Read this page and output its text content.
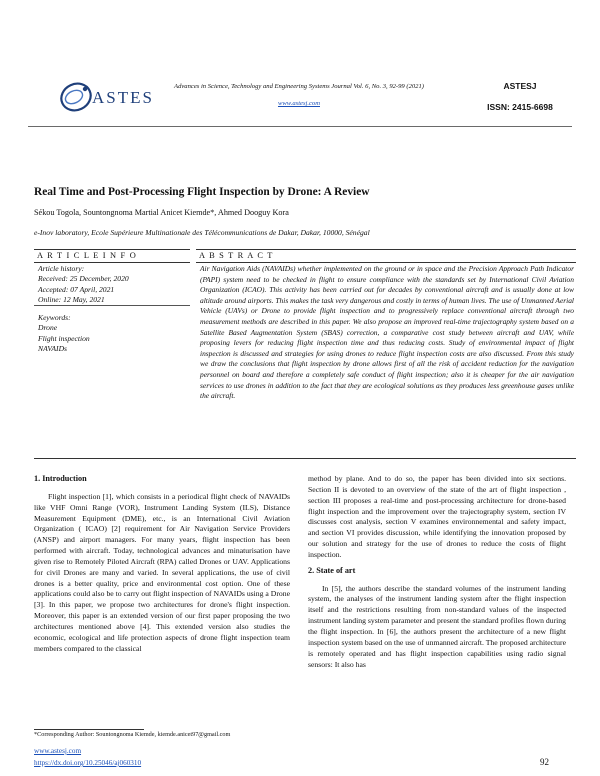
ASTES
Advances in Science, Technology and Engineering Systems Journal Vol. 6, No. 3, 92-99 (2021)
www.astesj.com
ASTESJ
ISSN: 2415-6698
Real Time and Post-Processing Flight Inspection by Drone: A Review
Sékou Togola, Sountongnoma Martial Anicet Kiemde*, Ahmed Dooguy Kora
e-Inov laboratory, Ecole Supérieure Multinationale des Télécommunications de Dakar, Dakar, 10000, Sénégal
A R T I C L E I N F O	A B S T R A C T
Article history:
Received: 25 December, 2020
Accepted: 07 April, 2021
Online: 12 May, 2021
Keywords:
Drone
Flight inspection
NAVAIDs
Air Navigation Aids (NAVAIDs) whether implemented on the ground or in space and the Precision Approach Path Indicator (PAPI) system need to be checked in flight to ensure compliance with the standards set by International Civil Aviation Organization (ICAO). This activity has been carried out for decades by conventional aircraft and is usually done at low altitude around airports. This makes the task very dangerous and costly in terms of human lives. The use of Unmanned Aerial Vehicle (UAVs) or Drone to provide flight inspection and to progressively replace conventional aircraft through two measurement methods are described in this paper. We also propose an improved real-time trajectography system based on a Satellite Based Augmentation System (SBAS) correction, a comparative cost study between aircraft and UAV, while proposing levers for reducing flight inspection time and thus reducing costs. Study of environmental impact of flight inspection is discussed and strategies for using drones to reduce flight inspection costs are also discussed. From this study we draw the conclusions that flight inspection by drone allows first of all the risk of accident reduction for the navigation personnel on board and therefore a completely safe conduct of flight inspection; also it is cheaper for the air navigation services to use drones in addition to the fact that they are ecological solutions as they produces less greenhouse gases unlike the aircraft.
1. Introduction

Flight inspection [1], which consists in a periodical flight check of NAVAIDs like VHF Omni Range (VOR), Instrument Landing System (ILS), Distance Measurement Equipment (DME), etc., is an International Civil Aviation Organization ( ICAO) [2] requirement for Air Navigation Service Providers (ANSP) and airport managers. For many years, flight inspection has been performed with aircraft. Today, technological advances and minaturisation have given rise to Remotely Piloted Aircraft (RPA) called Drones or UAV. Applications for civil Drones are many and varied. In several applications, the use of civil drones is a better quality, price and environmental cost option. One of these applications could also be to carry out flight inspection of NAVAIDs using a Drone [3]. In this paper, we propose two architectures for drone's flight inspection. Moreover, this paper is an extended version of our first paper proposing the two architectures mentioned above [4]. This extended version also studies the economic, ecological and life protection aspects of drone flight inspection team members compared to the classical

method by plane. And to do so, the paper has been divided into six sections. Section II is devoted to an overview of the state of the art of flight inspection , section III proposes a real-time and post-processing architecture for drone-based flight inspection and the improvement over the trajectography system, section IV discusses cost analysis, section V examines environnemental and safety impact, and section VI provides discussion, while identifying the innovation proposed by our solution and strategy for the use of drones to reduce the costs of flight inspection.

2. State of art

In [5], the authors describe the standard volumes of the instrument landing system, the analyses of the instrument landing system after the flight inspection itself and the restrictions resulting from non-standard values of the inspected instrument landing system parameter and present the standard profiles flown during the flight inspection. In [6], the authors present the architecture of a new flight inspection system based on the use of unmanned aircraft. The proposed architecture is remotely operated and has flight inspection capabilities using radio signal sensors: It also has

*Corresponding Author: Sountongnoma Kiemde, kiemde.anicet97@gmail.com
www.astesj.com
https://dx.doi.org/10.25046/aj060310	92
